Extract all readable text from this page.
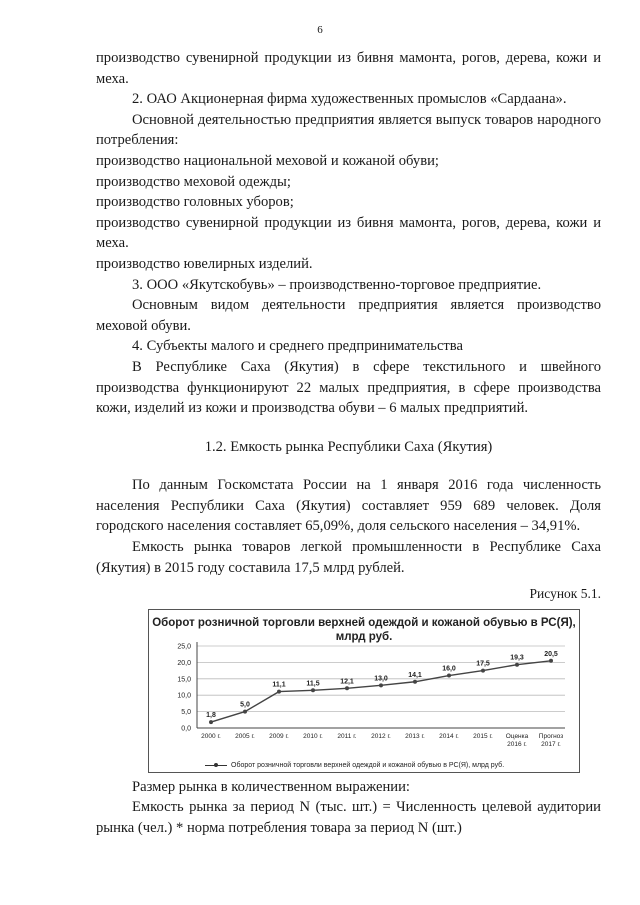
6

производство сувенирной продукции из бивня мамонта, рогов, дерева, кожи и меха.

2. ОАО Акционерная фирма художественных промыслов «Сардаана».

Основной деятельностью предприятия является выпуск товаров народного потребления:

производство национальной меховой и кожаной обуви;

производство меховой одежды;

производство головных уборов;

производство сувенирной продукции из бивня мамонта, рогов, дерева, кожи и меха.

производство ювелирных изделий.

3. ООО «Якутскобувь» – производственно-торговое предприятие.

Основным видом деятельности предприятия является производство меховой обуви.

4. Субъекты малого и среднего предпринимательства

В Республике Саха (Якутия) в сфере текстильного и швейного производства функционируют 22 малых предприятия, в сфере производства кожи, изделий из кожи и производства обуви – 6 малых предприятий.

1.2. Емкость рынка Республики Саха (Якутия)

По данным Госкомстата России на 1 января 2016 года численность населения Республики Саха (Якутия) составляет 959 689 человек. Доля городского населения составляет 65,09%, доля сельского населения – 34,91%.

Емкость рынка товаров легкой промышленности в Республике Саха (Якутия) в 2015 году составила 17,5 млрд рублей.

Рисунок 5.1.

Оборот розничной торговли верхней одеждой и кожаной обувью в РС(Я), млрд руб.
0,0
5,0
10,0
15,0
20,0
25,0
2000 г. 2005 г. 2009 г. 2010 г. 2011 г. 2012 г. 2013 г. 2014 г. 2015 г. Оценка
2016 г.
Прогноз
2017 г.
1,8
5,0
11,1	11,5	12,1	13,0
14,1
16,0
17,5
19,3
20,5
Оборот розничной торговли верхней одеждой и кожаной обувью в РС(Я), млрд руб.

Размер рынка в количественном выражении:

Емкость рынка за период N (тыс. шт.) = Численность целевой аудитории рынка (чел.) * норма потребления товара за период N (шт.)
